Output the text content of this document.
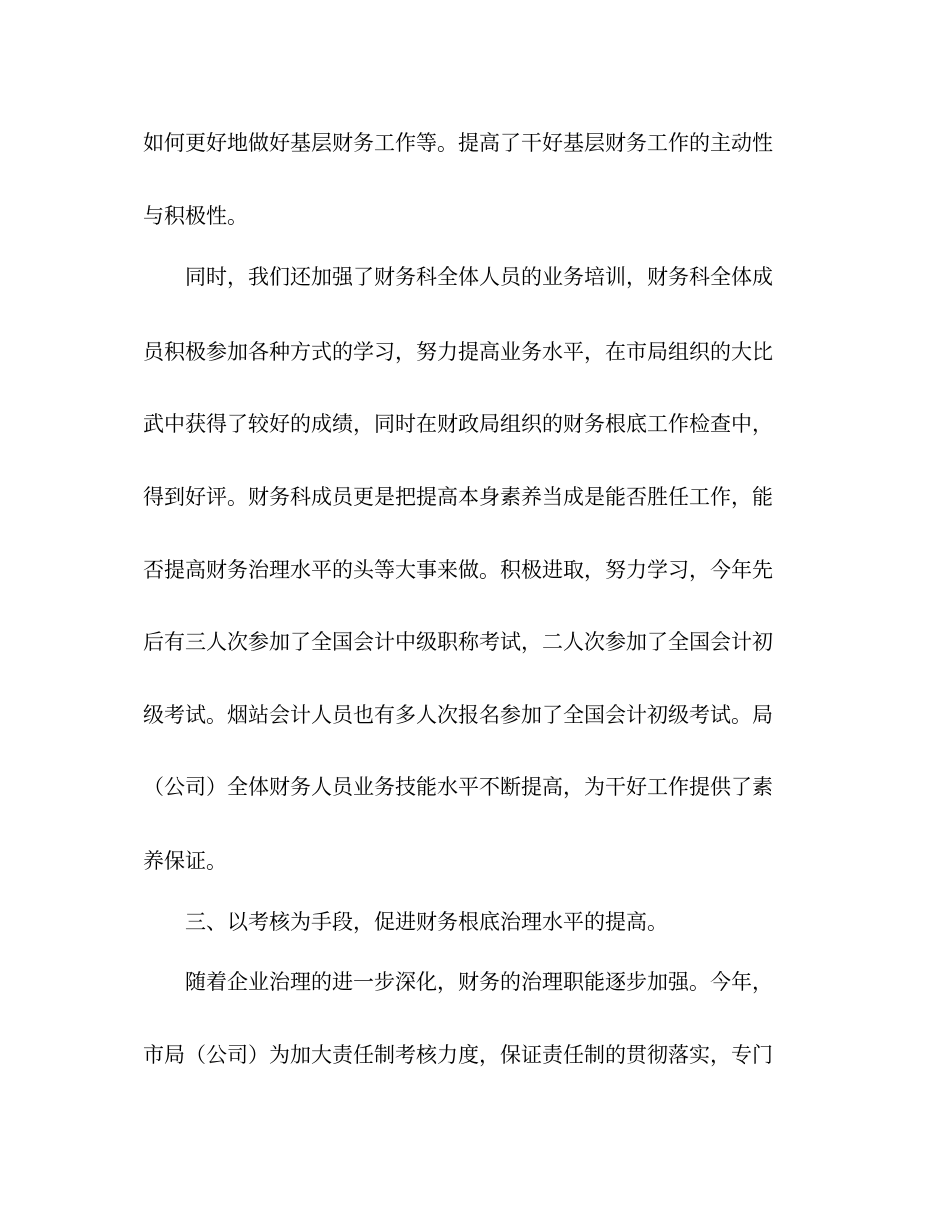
如何更好地做好基层财务工作等。提高了干好基层财务工作的主动性
与积极性。
同时，我们还加强了财务科全体人员的业务培训，财务科全体成
员积极参加各种方式的学习，努力提高业务水平，在市局组织的大比
武中获得了较好的成绩，同时在财政局组织的财务根底工作检查中，
得到好评。财务科成员更是把提高本身素养当成是能否胜任工作，能
否提高财务治理水平的头等大事来做。积极进取，努力学习，今年先
后有三人次参加了全国会计中级职称考试，二人次参加了全国会计初
级考试。烟站会计人员也有多人次报名参加了全国会计初级考试。局
（公司）全体财务人员业务技能水平不断提高，为干好工作提供了素
养保证。
三、以考核为手段，促进财务根底治理水平的提高。
随着企业治理的进一步深化，财务的治理职能逐步加强。今年，
市局（公司）为加大责任制考核力度，保证责任制的贯彻落实，专门
